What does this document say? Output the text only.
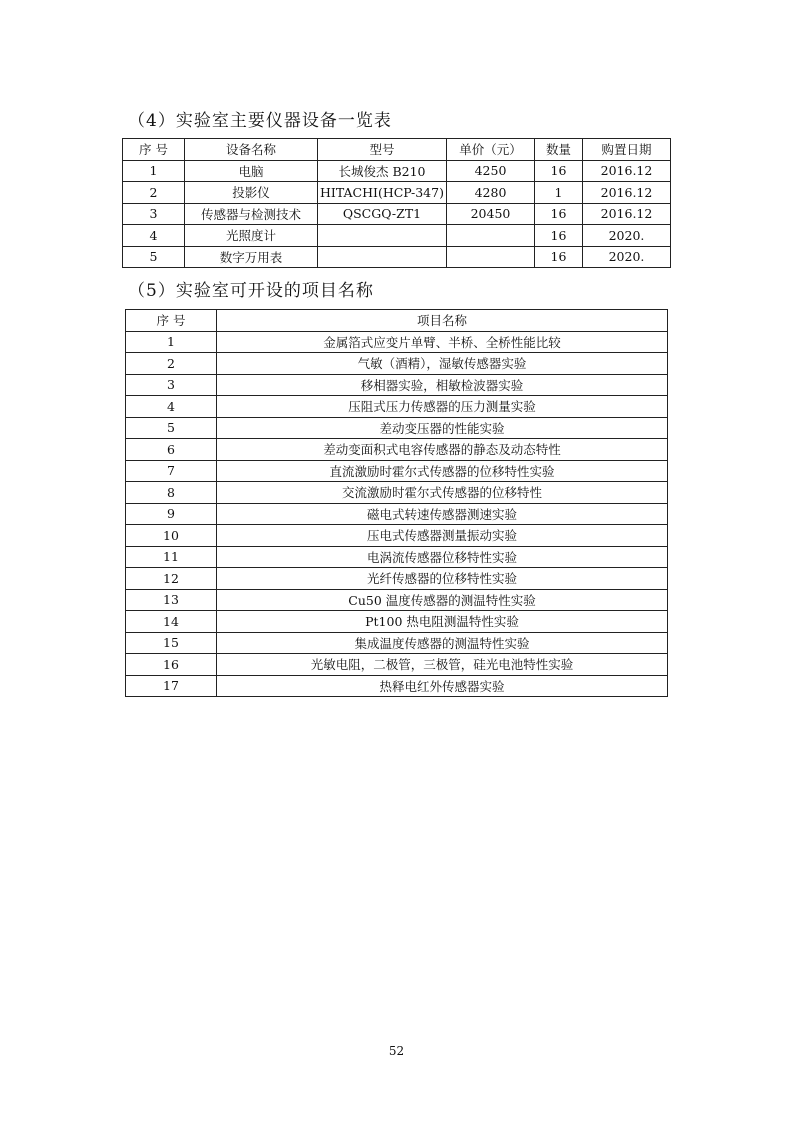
（4）实验室主要仪器设备一览表
序 号	设备名称	型号	单价（元）	数量	购置日期
1	电脑	长城俊杰 B210	4250	16	2016.12
2	投影仪	HITACHI(HCP-347)	4280	1	2016.12
3	传感器与检测技术	QSCGQ-ZT1	20450	16	2016.12
4	光照度计			16	2020.
5	数字万用表			16	2020.
（5）实验室可开设的项目名称
序 号	项目名称
1	金属箔式应变片单臂、半桥、全桥性能比较
2	气敏（酒精），湿敏传感器实验
3	移相器实验，相敏检波器实验
4	压阻式压力传感器的压力测量实验
5	差动变压器的性能实验
6	差动变面积式电容传感器的静态及动态特性
7	直流激励时霍尔式传感器的位移特性实验
8	交流激励时霍尔式传感器的位移特性
9	磁电式转速传感器测速实验
10	压电式传感器测量振动实验
11	电涡流传感器位移特性实验
12	光纤传感器的位移特性实验
13	Cu50 温度传感器的测温特性实验
14	Pt100 热电阻测温特性实验
15	集成温度传感器的测温特性实验
16	光敏电阻，二极管，三极管，硅光电池特性实验
17	热释电红外传感器实验
52
